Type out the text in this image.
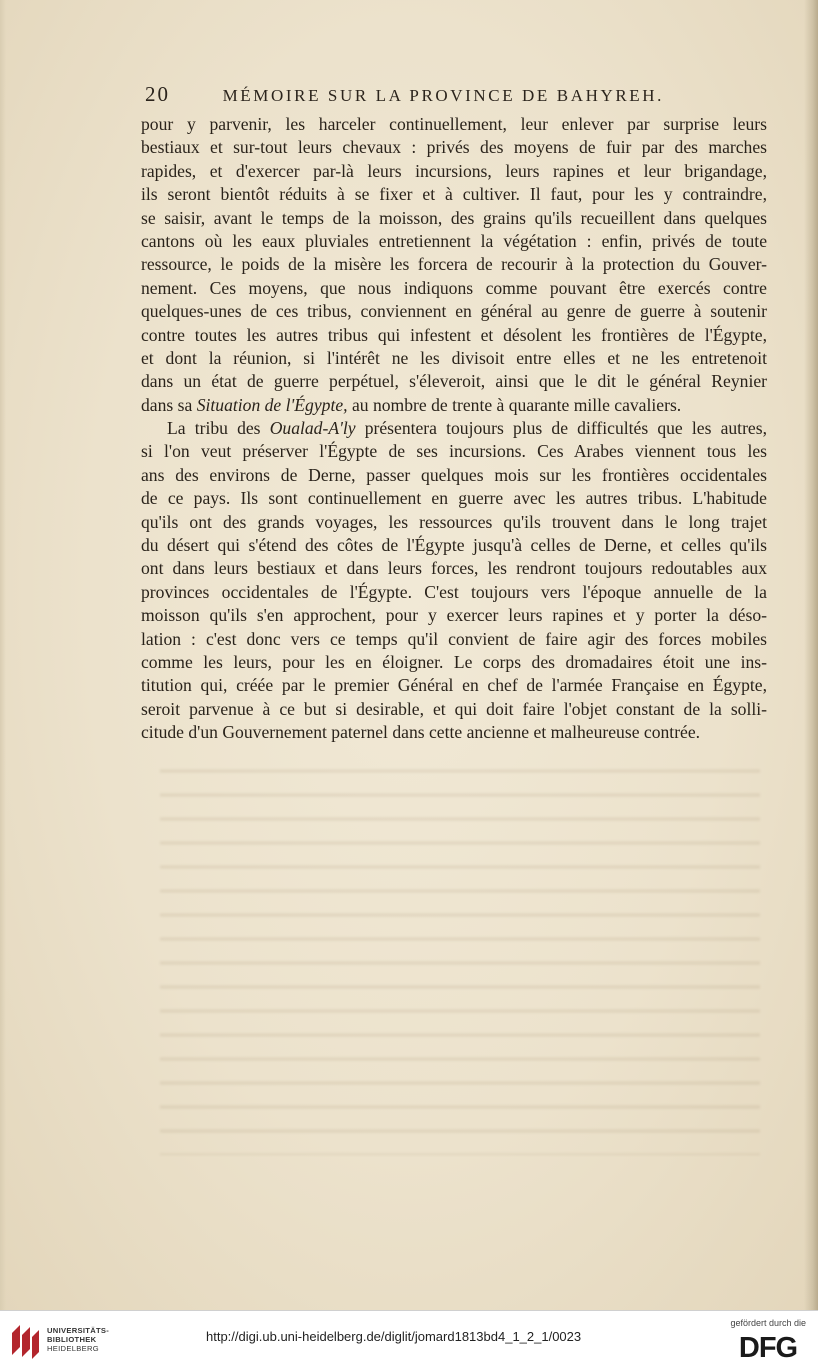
20	MÉMOIRE SUR LA PROVINCE DE BAHYREH.
pour y parvenir, les harceler continuellement, leur enlever par surprise leurs
bestiaux et sur-tout leurs chevaux : privés des moyens de fuir par des marches
rapides, et d'exercer par-là leurs incursions, leurs rapines et leur brigandage,
ils seront bientôt réduits à se fixer et à cultiver. Il faut, pour les y contraindre,
se saisir, avant le temps de la moisson, des grains qu'ils recueillent dans quelques
cantons où les eaux pluviales entretiennent la végétation : enfin, privés de toute
ressource, le poids de la misère les forcera de recourir à la protection du Gouver-
nement. Ces moyens, que nous indiquons comme pouvant être exercés contre
quelques-unes de ces tribus, conviennent en général au genre de guerre à soutenir
contre toutes les autres tribus qui infestent et désolent les frontières de l'Égypte,
et dont la réunion, si l'intérêt ne les divisoit entre elles et ne les entretenoit
dans un état de guerre perpétuel, s'éleveroit, ainsi que le dit le général Reynier
dans sa Situation de l'Égypte, au nombre de trente à quarante mille cavaliers.
La tribu des Oualad-A'ly présentera toujours plus de difficultés que les autres,
si l'on veut préserver l'Égypte de ses incursions. Ces Arabes viennent tous les
ans des environs de Derne, passer quelques mois sur les frontières occidentales
de ce pays. Ils sont continuellement en guerre avec les autres tribus. L'habitude
qu'ils ont des grands voyages, les ressources qu'ils trouvent dans le long trajet
du désert qui s'étend des côtes de l'Égypte jusqu'à celles de Derne, et celles qu'ils
ont dans leurs bestiaux et dans leurs forces, les rendront toujours redoutables aux
provinces occidentales de l'Égypte. C'est toujours vers l'époque annuelle de la
moisson qu'ils s'en approchent, pour y exercer leurs rapines et y porter la déso-
lation : c'est donc vers ce temps qu'il convient de faire agir des forces mobiles
comme les leurs, pour les en éloigner. Le corps des dromadaires étoit une ins-
titution qui, créée par le premier Général en chef de l'armée Française en Égypte,
seroit parvenue à ce but si desirable, et qui doit faire l'objet constant de la solli-
citude d'un Gouvernement paternel dans cette ancienne et malheureuse contrée.
UNIVERSITÄTS-
BIBLIOTHEK
HEIDELBERG
http://digi.ub.uni-heidelberg.de/diglit/jomard1813bd4_1_2_1/0023
gefördert durch die
DFG
